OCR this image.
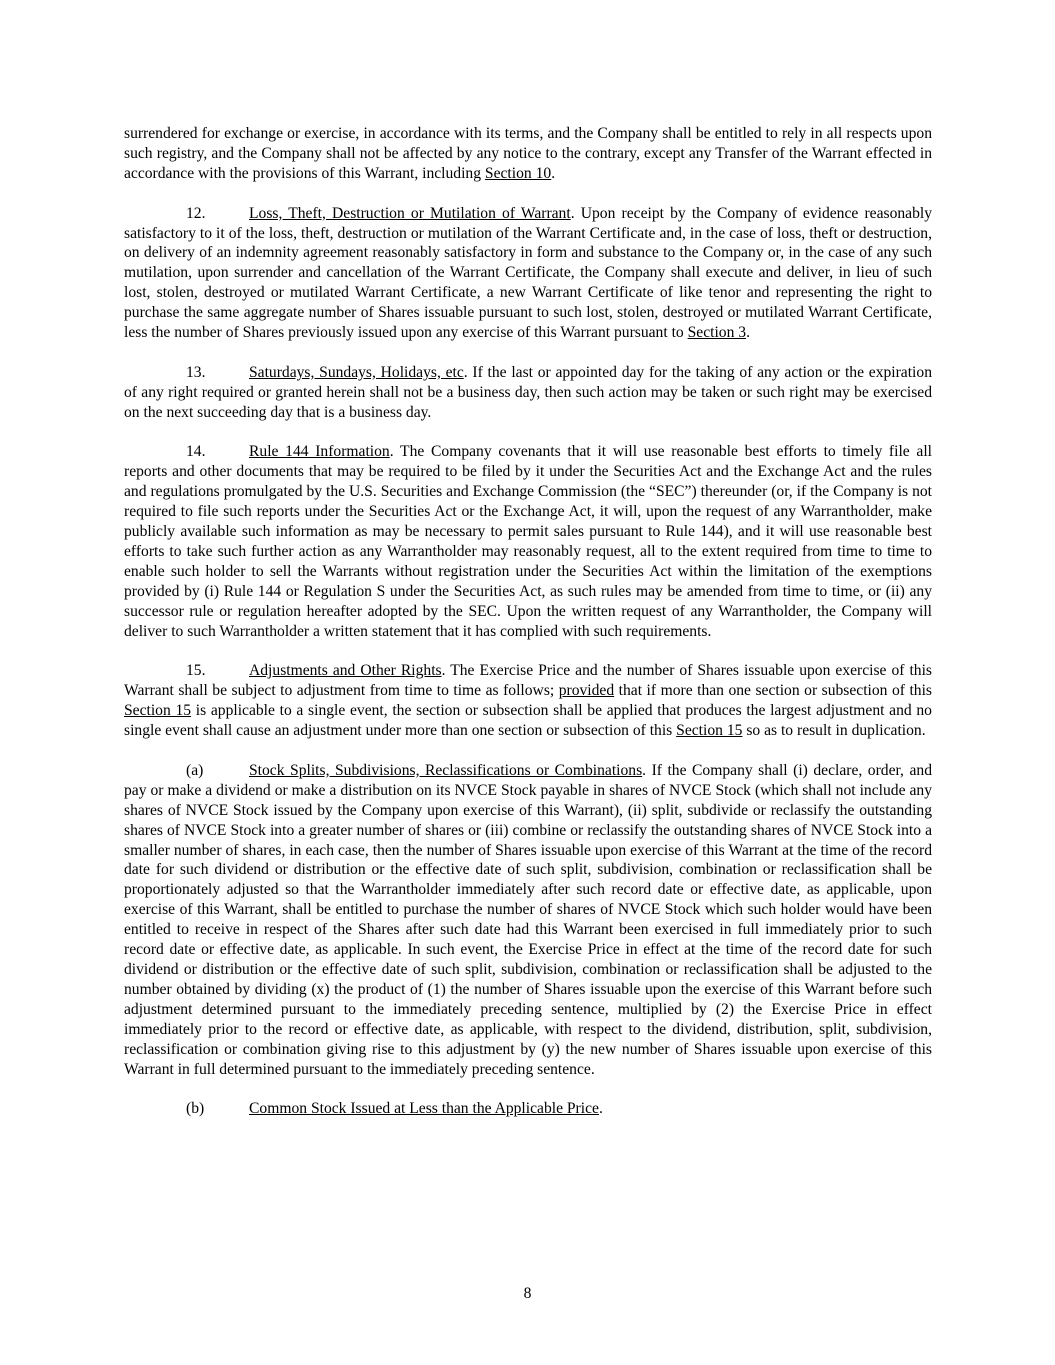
surrendered for exchange or exercise, in accordance with its terms, and the Company shall be entitled to rely in all respects upon such registry, and the Company shall not be affected by any notice to the contrary, except any Transfer of the Warrant effected in accordance with the provisions of this Warrant, including Section 10.

12.	Loss, Theft, Destruction or Mutilation of Warrant. Upon receipt by the Company of evidence reasonably satisfactory to it of the loss, theft, destruction or mutilation of the Warrant Certificate and, in the case of loss, theft or destruction, on delivery of an indemnity agreement reasonably satisfactory in form and substance to the Company or, in the case of any such mutilation, upon surrender and cancellation of the Warrant Certificate, the Company shall execute and deliver, in lieu of such lost, stolen, destroyed or mutilated Warrant Certificate, a new Warrant Certificate of like tenor and representing the right to purchase the same aggregate number of Shares issuable pursuant to such lost, stolen, destroyed or mutilated Warrant Certificate, less the number of Shares previously issued upon any exercise of this Warrant pursuant to Section 3.

13.	Saturdays, Sundays, Holidays, etc. If the last or appointed day for the taking of any action or the expiration of any right required or granted herein shall not be a business day, then such action may be taken or such right may be exercised on the next succeeding day that is a business day.

14.	Rule 144 Information. The Company covenants that it will use reasonable best efforts to timely file all reports and other documents that may be required to be filed by it under the Securities Act and the Exchange Act and the rules and regulations promulgated by the U.S. Securities and Exchange Commission (the “SEC”) thereunder (or, if the Company is not required to file such reports under the Securities Act or the Exchange Act, it will, upon the request of any Warrantholder, make publicly available such information as may be necessary to permit sales pursuant to Rule 144), and it will use reasonable best efforts to take such further action as any Warrantholder may reasonably request, all to the extent required from time to time to enable such holder to sell the Warrants without registration under the Securities Act within the limitation of the exemptions provided by (i) Rule 144 or Regulation S under the Securities Act, as such rules may be amended from time to time, or (ii) any successor rule or regulation hereafter adopted by the SEC. Upon the written request of any Warrantholder, the Company will deliver to such Warrantholder a written statement that it has complied with such requirements.

15.	Adjustments and Other Rights. The Exercise Price and the number of Shares issuable upon exercise of this Warrant shall be subject to adjustment from time to time as follows; provided that if more than one section or subsection of this Section 15 is applicable to a single event, the section or subsection shall be applied that produces the largest adjustment and no single event shall cause an adjustment under more than one section or subsection of this Section 15 so as to result in duplication.

(a)	Stock Splits, Subdivisions, Reclassifications or Combinations. If the Company shall (i) declare, order, and pay or make a dividend or make a distribution on its NVCE Stock payable in shares of NVCE Stock (which shall not include any shares of NVCE Stock issued by the Company upon exercise of this Warrant), (ii) split, subdivide or reclassify the outstanding shares of NVCE Stock into a greater number of shares or (iii) combine or reclassify the outstanding shares of NVCE Stock into a smaller number of shares, in each case, then the number of Shares issuable upon exercise of this Warrant at the time of the record date for such dividend or distribution or the effective date of such split, subdivision, combination or reclassification shall be proportionately adjusted so that the Warrantholder immediately after such record date or effective date, as applicable, upon exercise of this Warrant, shall be entitled to purchase the number of shares of NVCE Stock which such holder would have been entitled to receive in respect of the Shares after such date had this Warrant been exercised in full immediately prior to such record date or effective date, as applicable. In such event, the Exercise Price in effect at the time of the record date for such dividend or distribution or the effective date of such split, subdivision, combination or reclassification shall be adjusted to the number obtained by dividing (x) the product of (1) the number of Shares issuable upon the exercise of this Warrant before such adjustment determined pursuant to the immediately preceding sentence, multiplied by (2) the Exercise Price in effect immediately prior to the record or effective date, as applicable, with respect to the dividend, distribution, split, subdivision, reclassification or combination giving rise to this adjustment by (y) the new number of Shares issuable upon exercise of this Warrant in full determined pursuant to the immediately preceding sentence.

(b)	Common Stock Issued at Less than the Applicable Price.

8
